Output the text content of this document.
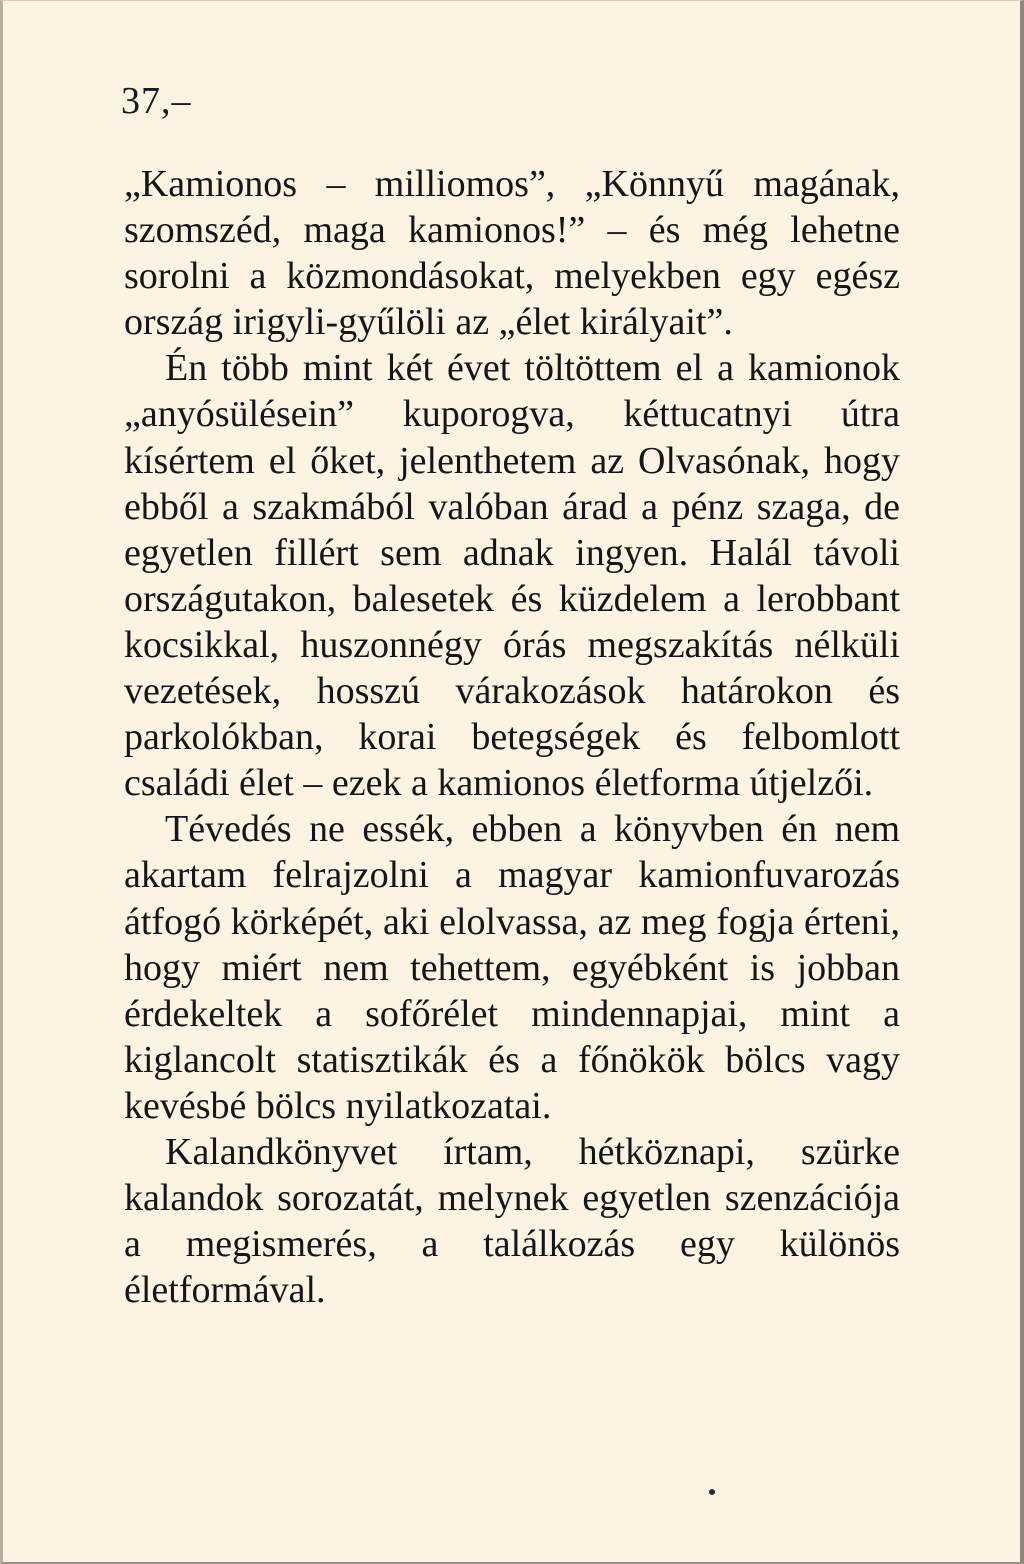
37,–

„Kamionos – milliomos”, „Könnyű magának, szomszéd, maga kamionos!” – és még lehetne sorolni a közmondásokat, melyekben egy egész ország irigyli-gyűlöli az „élet királyait”.

Én több mint két évet töltöttem el a kamionok „anyósülésein” kuporogva, kéttucatnyi útra kísértem el őket, jelenthetem az Olvasónak, hogy ebből a szakmából valóban árad a pénz szaga, de egyetlen fillért sem adnak ingyen. Halál távoli országutakon, balesetek és küzdelem a lerobbant kocsikkal, huszonnégy órás megszakítás nélküli vezetések, hosszú várakozások határokon és parkolókban, korai betegségek és felbomlott családi élet – ezek a kamionos életforma útjelzői.

Tévedés ne essék, ebben a könyvben én nem akartam felrajzolni a magyar kamionfuvarozás átfogó körképét, aki elolvassa, az meg fogja érteni, hogy miért nem tehettem, egyébként is jobban érdekeltek a sofőrélet mindennapjai, mint a kiglancolt statisztikák és a főnökök bölcs vagy kevésbé bölcs nyilatkozatai.

Kalandkönyvet írtam, hétköznapi, szürke kalandok sorozatát, melynek egyetlen szenzációja a megismerés, a találkozás egy különös életformával.
